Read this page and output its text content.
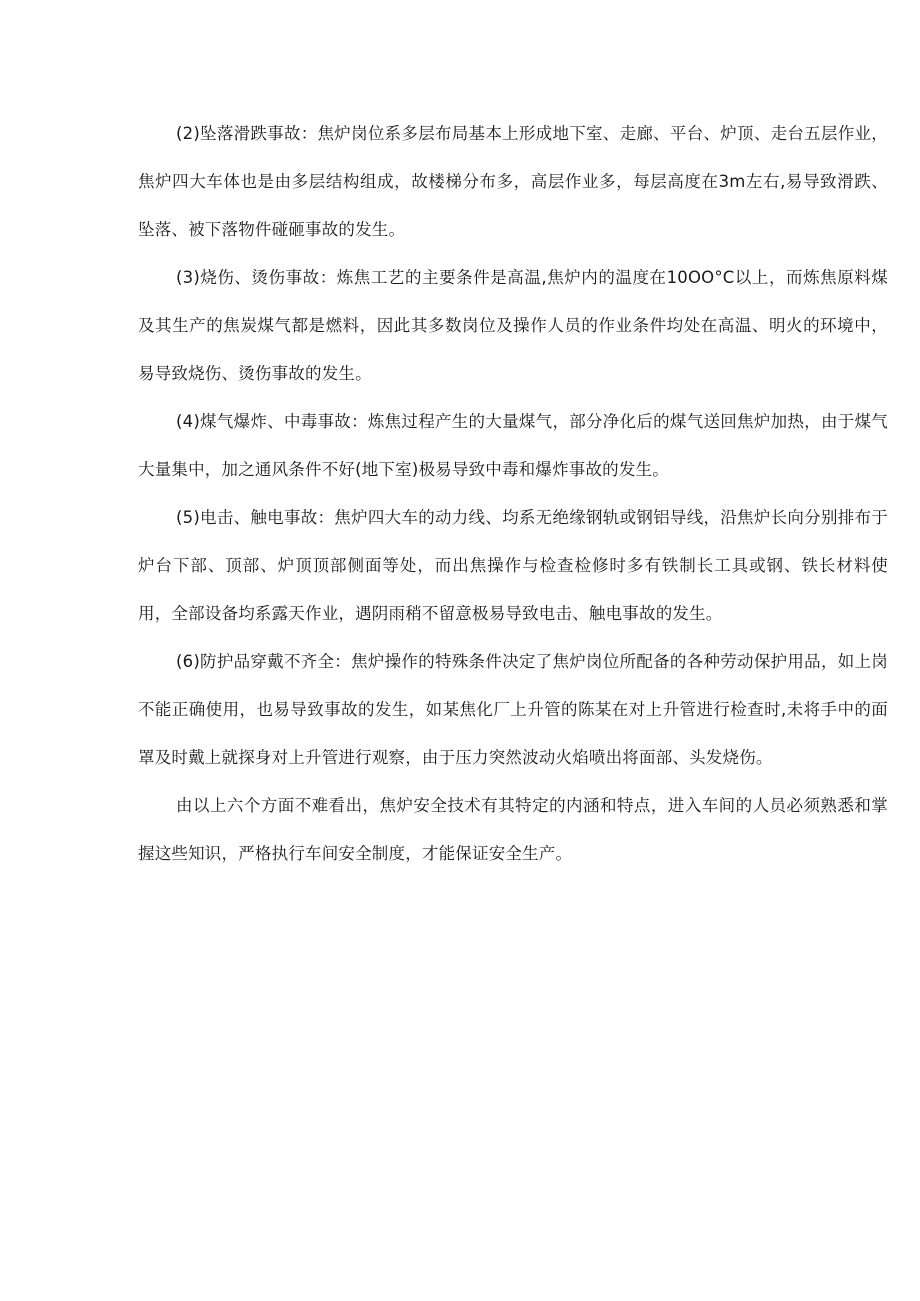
(2)坠落滑跌事故：焦炉岗位系多层布局基本上形成地下室、走廊、平台、炉顶、走台五层作业，焦炉四大车体也是由多层结构组成，故楼梯分布多，高层作业多，每层高度在3m左右,易导致滑跌、坠落、被下落物件碰砸事故的发生。

(3)烧伤、烫伤事故：炼焦工艺的主要条件是高温,焦炉内的温度在10OO°C以上，而炼焦原料煤及其生产的焦炭煤气都是燃料，因此其多数岗位及操作人员的作业条件均处在高温、明火的环境中，易导致烧伤、烫伤事故的发生。

(4)煤气爆炸、中毒事故：炼焦过程产生的大量煤气，部分净化后的煤气送回焦炉加热，由于煤气大量集中，加之通风条件不好(地下室)极易导致中毒和爆炸事故的发生。

(5)电击、触电事故：焦炉四大车的动力线、均系无绝缘钢轨或钢铝导线，沿焦炉长向分别排布于炉台下部、顶部、炉顶顶部侧面等处，而出焦操作与检查检修时多有铁制长工具或钢、铁长材料使用，全部设备均系露天作业，遇阴雨稍不留意极易导致电击、触电事故的发生。

(6)防护品穿戴不齐全：焦炉操作的特殊条件决定了焦炉岗位所配备的各种劳动保护用品，如上岗不能正确使用，也易导致事故的发生，如某焦化厂上升管的陈某在对上升管进行检查时,未将手中的面罩及时戴上就探身对上升管进行观察，由于压力突然波动火焰喷出将面部、头发烧伤。

由以上六个方面不难看出，焦炉安全技术有其特定的内涵和特点，进入车间的人员必须熟悉和掌握这些知识，严格执行车间安全制度，才能保证安全生产。
